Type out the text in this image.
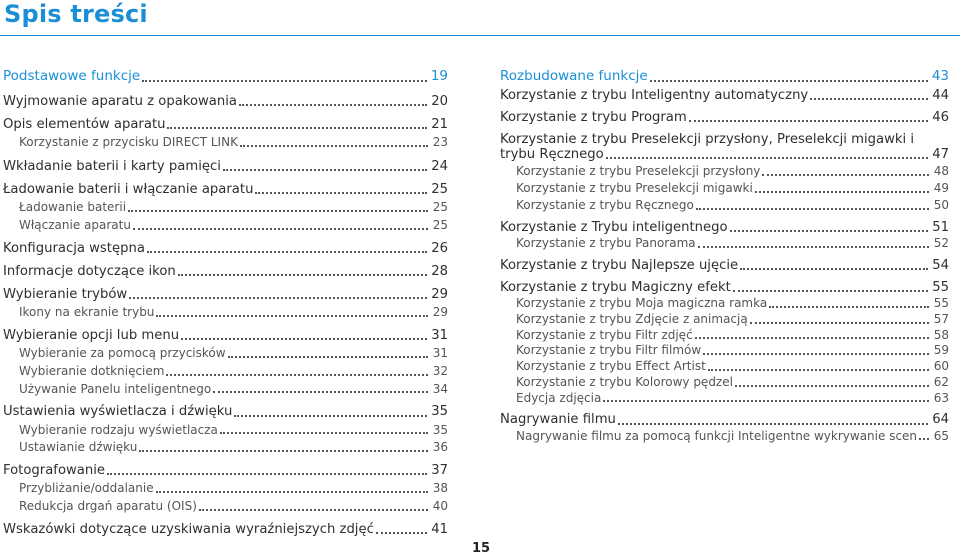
Spis treści
Podstawowe funkcje	19
Wyjmowanie aparatu z opakowania	20
Opis elementów aparatu	21
Korzystanie z przycisku DIRECT LINK	23
Wkładanie baterii i karty pamięci	24
Ładowanie baterii i włączanie aparatu	25
Ładowanie baterii	25
Włączanie aparatu	25
Konfiguracja wstępna	26
Informacje dotyczące ikon	28
Wybieranie trybów	29
Ikony na ekranie trybu	29
Wybieranie opcji lub menu	31
Wybieranie za pomocą przycisków	31
Wybieranie dotknięciem	32
Używanie Panelu inteligentnego	34
Ustawienia wyświetlacza i dźwięku	35
Wybieranie rodzaju wyświetlacza	35
Ustawianie dźwięku	36
Fotografowanie	37
Przybliżanie/oddalanie	38
Redukcja drgań aparatu (OIS)	40
Wskazówki dotyczące uzyskiwania wyraźniejszych zdjęć	41
Rozbudowane funkcje	43
Korzystanie z trybu Inteligentny automatyczny	44
Korzystanie z trybu Program	46
Korzystanie z trybu Preselekcji przysłony, Preselekcji migawki i
trybu Ręcznego	47
Korzystanie z trybu Preselekcji przysłony	48
Korzystanie z trybu Preselekcji migawki	49
Korzystanie z trybu Ręcznego	50
Korzystanie z Trybu inteligentnego	51
Korzystanie z trybu Panorama	52
Korzystanie z trybu Najlepsze ujęcie	54
Korzystanie z trybu Magiczny efekt	55
Korzystanie z trybu Moja magiczna ramka	55
Korzystanie z trybu Zdjęcie z animacją	57
Korzystanie z trybu Filtr zdjęć	58
Korzystanie z trybu Filtr filmów	59
Korzystanie z trybu Effect Artist	60
Korzystanie z trybu Kolorowy pędzel	62
Edycja zdjęcia	63
Nagrywanie filmu	64
Nagrywanie filmu za pomocą funkcji Inteligentne wykrywanie scen 65
15
